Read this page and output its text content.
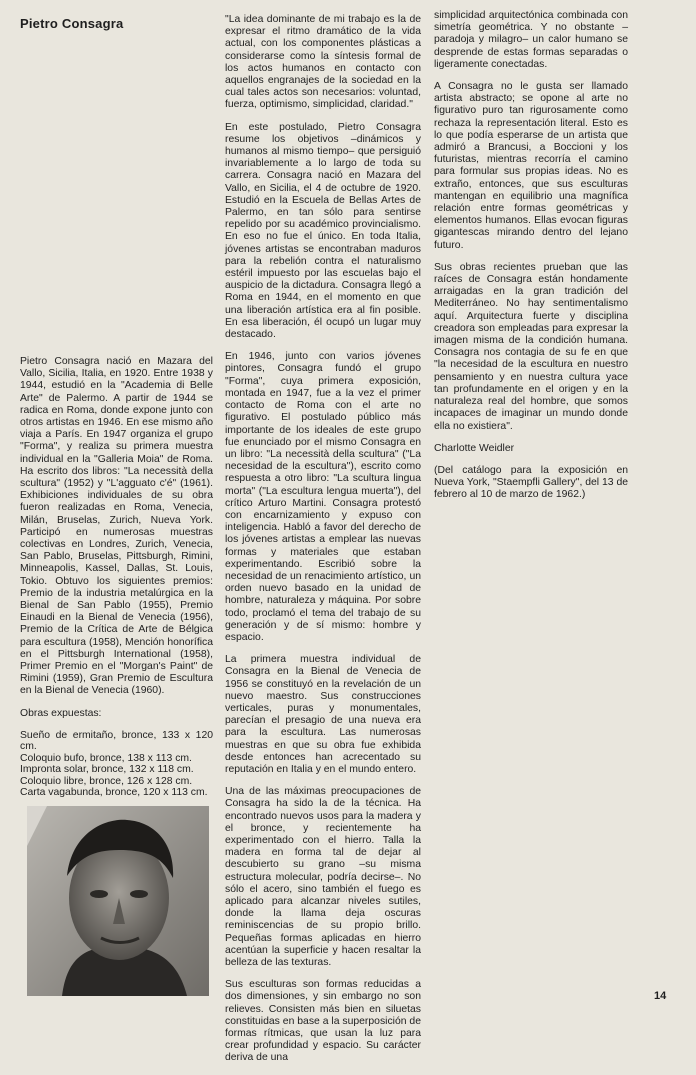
Pietro Consagra

Pietro Consagra nació en Mazara del Vallo, Sicilia, Italia, en 1920. Entre 1938 y 1944, estudió en la "Academia di Belle Arte" de Palermo. A partir de 1944 se radica en Roma, donde expone junto con otros artistas en 1946. En ese mismo año viaja a París. En 1947 organiza el grupo "Forma", y realiza su primera muestra individual en la "Galleria Moia" de Roma. Ha escrito dos libros: "La necessità della scultura" (1952) y "L'agguato c'é" (1961). Exhibiciones individuales de su obra fueron realizadas en Roma, Venecia, Milán, Bruselas, Zurich, Nueva York. Participó en numerosas muestras colectivas en Londres, Zurich, Venecia, San Pablo, Bruselas, Pittsburgh, Rimini, Minneapolis, Kassel, Dallas, St. Louis, Tokio. Obtuvo los siguientes premios: Premio de la industria metalúrgica en la Bienal de San Pablo (1955), Premio Einaudi en la Bienal de Venecia (1956), Premio de la Crítica de Arte de Bélgica para escultura (1958), Mención honorífica en el Pittsburgh International (1958), Primer Premio en el "Morgan's Paint" de Rimini (1959), Gran Premio de Escultura en la Bienal de Venecia (1960).

Obras expuestas:

Sueño de ermitaño, bronce, 133 x 120 cm.
Coloquio bufo, bronce, 138 x 113 cm.
Impronta solar, bronce, 132 x 118 cm.
Coloquio libre, bronce, 126 x 128 cm.
Carta vagabunda, bronce, 120 x 113 cm.

"La idea dominante de mi trabajo es la de expresar el ritmo dramático de la vida actual, con los componentes plásticas a considerarse como la síntesis formal de los actos humanos en contacto con aquellos engranajes de la sociedad en la cual tales actos son necesarios: voluntad, fuerza, optimismo, simplicidad, claridad."

En este postulado, Pietro Consagra resume los objetivos –dinámicos y humanos al mismo tiempo– que persiguió invariablemente a lo largo de toda su carrera. Consagra nació en Mazara del Vallo, en Sicilia, el 4 de octubre de 1920. Estudió en la Escuela de Bellas Artes de Palermo, en tan sólo para sentirse repelido por su académico provincialismo. En eso no fue el único. En toda Italia, jóvenes artistas se encontraban maduros para la rebelión contra el naturalismo estéril impuesto por las escuelas bajo el auspicio de la dictadura. Consagra llegó a Roma en 1944, en el momento en que una liberación artística era al fin posible. En esa liberación, él ocupó un lugar muy destacado.

En 1946, junto con varios jóvenes pintores, Consagra fundó el grupo "Forma", cuya primera exposición, montada en 1947, fue a la vez el primer contacto de Roma con el arte no figurativo. El postulado público más importante de los ideales de este grupo fue enunciado por el mismo Consagra en un libro: "La necessità della scultura" ("La necesidad de la escultura"), escrito como respuesta a otro libro: "La scultura lingua morta" ("La escultura lengua muerta"), del crítico Arturo Martini. Consagra protestó con encarnizamiento y expuso con inteligencia. Habló a favor del derecho de los jóvenes artistas a emplear las nuevas formas y materiales que estaban experimentando. Escribió sobre la necesidad de un renacimiento artístico, un orden nuevo basado en la unidad de hombre, naturaleza y máquina. Por sobre todo, proclamó el tema del trabajo de su generación y de sí mismo: hombre y espacio.

La primera muestra individual de Consagra en la Bienal de Venecia de 1956 se constituyó en la revelación de un nuevo maestro. Sus construcciones verticales, puras y monumentales, parecían el presagio de una nueva era para la escultura. Las numerosas muestras en que su obra fue exhibida desde entonces han acrecentado su reputación en Italia y en el mundo entero.

Una de las máximas preocupaciones de Consagra ha sido la de la técnica. Ha encontrado nuevos usos para la madera y el bronce, y recientemente ha experimentado con el hierro. Talla la madera en forma tal de dejar al descubierto su grano –su misma estructura molecular, podría decirse–. No sólo el acero, sino también el fuego es aplicado para alcanzar niveles sutiles, donde la llama deja oscuras reminiscencias de su propio brillo. Pequeñas formas aplicadas en hierro acentúan la superficie y hacen resaltar la belleza de las texturas.

Sus esculturas son formas reducidas a dos dimensiones, y sin embargo no son relieves. Consisten más bien en siluetas constituidas en base a la superposición de formas rítmicas, que usan la luz para crear profundidad y espacio. Su carácter deriva de una

simplicidad arquitectónica combinada con simetría geométrica. Y no obstante –paradoja y milagro– un calor humano se desprende de estas formas separadas o ligeramente conectadas.

A Consagra no le gusta ser llamado artista abstracto; se opone al arte no figurativo puro tan rigurosamente como rechaza la representación literal. Esto es lo que podía esperarse de un artista que admiró a Brancusi, a Boccioni y los futuristas, mientras recorría el camino para formular sus propias ideas. No es extraño, entonces, que sus esculturas mantengan en equilibrio una magnífica relación entre formas geométricas y elementos humanos. Ellas evocan figuras gigantescas mirando dentro del lejano futuro.

Sus obras recientes prueban que las raíces de Consagra están hondamente arraigadas en la gran tradición del Mediterráneo. No hay sentimentalismo aquí. Arquitectura fuerte y disciplina creadora son empleadas para expresar la imagen misma de la condición humana. Consagra nos contagia de su fe en que "la necesidad de la escultura en nuestro pensamiento y en nuestra cultura yace tan profundamente en el origen y en la naturaleza real del hombre, que somos incapaces de imaginar un mundo donde ella no existiera".

Charlotte Weidler

(Del catálogo para la exposición en Nueva York, "Staempfli Gallery", del 13 de febrero al 10 de marzo de 1962.)

14
